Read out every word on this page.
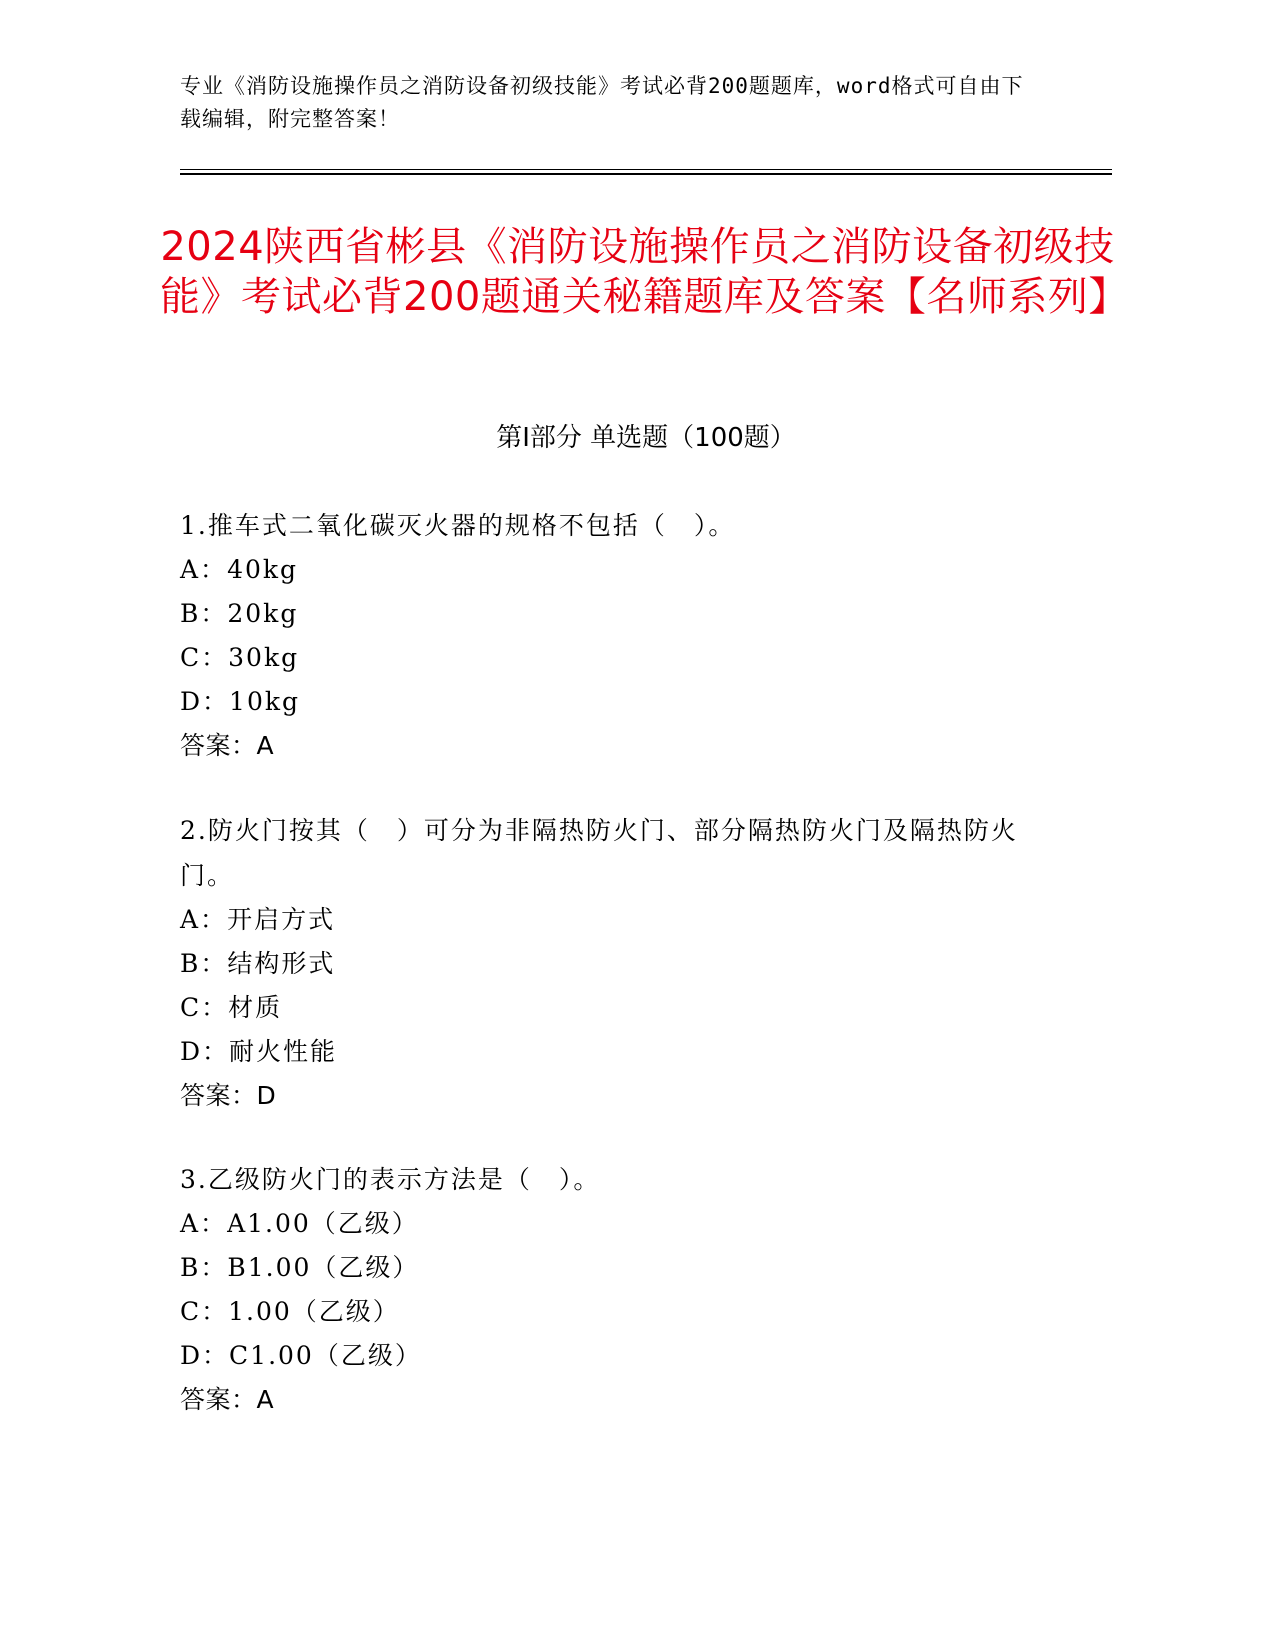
专业《消防设施操作员之消防设备初级技能》考试必背200题题库，word格式可自由下载编辑，附完整答案！
2024陕西省彬县《消防设施操作员之消防设备初级技能》考试必背200题通关秘籍题库及答案【名师系列】
第Ⅰ部分 单选题（100题）
1.推车式二氧化碳灭火器的规格不包括（　）。
A：40kg
B：20kg
C：30kg
D：10kg
答案：A
2.防火门按其（　）可分为非隔热防火门、部分隔热防火门及隔热防火门。
A：开启方式
B：结构形式
C：材质
D：耐火性能
答案：D
3.乙级防火门的表示方法是（　）。
A：A1.00（乙级）
B：B1.00（乙级）
C：1.00（乙级）
D：C1.00（乙级）
答案：A
